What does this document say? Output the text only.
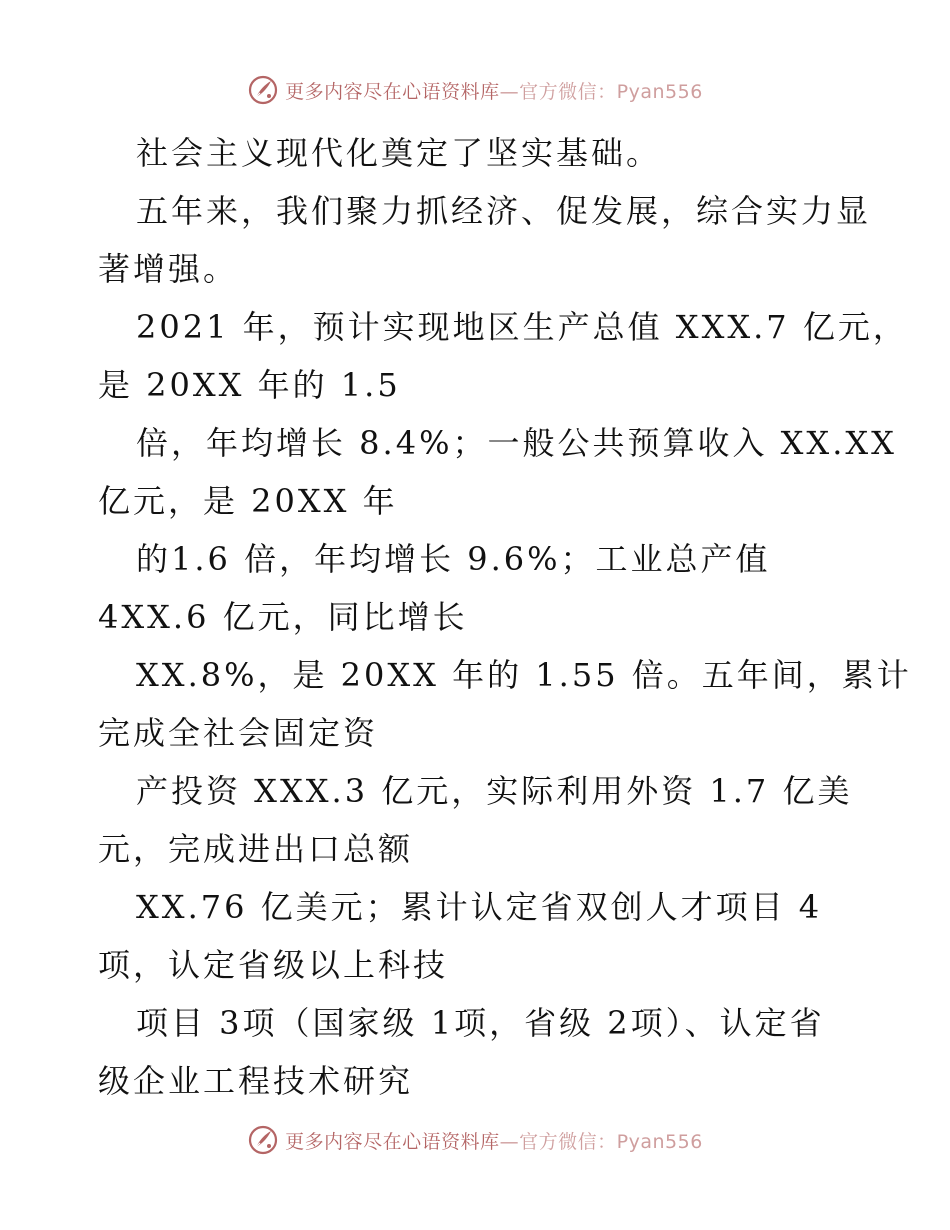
更多内容尽在心语资料库—官方微信：Pyan556
社会主义现代化奠定了坚实基础。
五年来，我们聚力抓经济、促发展，综合实力显
著增强。
2021 年，预计实现地区生产总值 XXX.7 亿元，
是 20XX 年的 1.5
倍，年均增长 8.4%；一般公共预算收入 XX.XX
亿元，是 20XX 年
的1.6 倍，年均增长 9.6%；工业总产值
4XX.6 亿元，同比增长
XX.8%，是 20XX 年的 1.55 倍。五年间，累计
完成全社会固定资
产投资 XXX.3 亿元，实际利用外资 1.7 亿美
元，完成进出口总额
XX.76 亿美元；累计认定省双创人才项目 4
项，认定省级以上科技
项目 3项（国家级 1项，省级 2项）、认定省
级企业工程技术研究
更多内容尽在心语资料库—官方微信：Pyan556
